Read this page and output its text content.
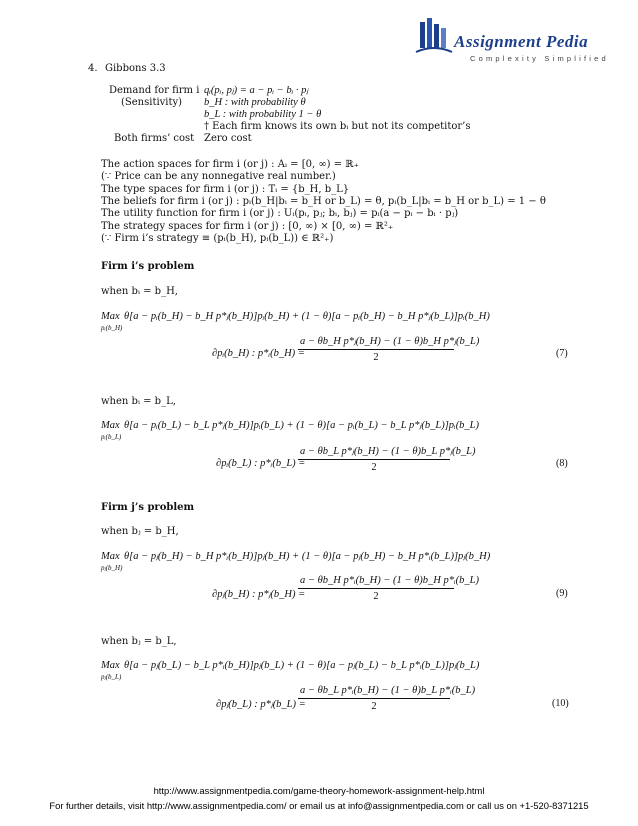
Assignment Pedia
Complexity Simplified
4. Gibbons 3.3
Demand for firm i qᵢ(pᵢ, pⱼ) = a − pᵢ − bᵢ · pⱼ
(Sensitivity) b_H : with probability θ
b_L : with probability 1 − θ
† Each firm knows its own bᵢ but not its competitor’s
Both firms’ cost Zero cost
The action spaces for firm i (or j) : Aᵢ = [0, ∞) = ℝ₊
(∵ Price can be any nonnegative real number.)
The type spaces for firm i (or j) : Tᵢ = {b_H, b_L}
The beliefs for firm i (or j) : pᵢ(b_H|bᵢ = b_H or b_L) = θ, pᵢ(b_L|bᵢ = b_H or b_L) = 1 − θ
The utility function for firm i (or j) : Uᵢ(pᵢ, pⱼ; bᵢ, bⱼ) = pᵢ(a − pᵢ − bᵢ · pⱼ)
The strategy spaces for firm i (or j) : [0, ∞) × [0, ∞) = ℝ²₊
(∵ Firm i’s strategy ≡ (pᵢ(b_H), pᵢ(b_L)) ∈ ℝ²₊)
Firm i’s problem
when bᵢ = b_H,
Max θ[a − pᵢ(b_H) − b_H p*ⱼ(b_H)]pᵢ(b_H) + (1 − θ)[a − pᵢ(b_H) − b_H p*ⱼ(b_L)]pᵢ(b_H)
pᵢ(b_H)
∂pᵢ(b_H) : p*ᵢ(b_H) =
$\frac{\text{a − θb\_H p*ⱼ(b\_H) − (1 − θ)b\_H p*ⱼ(b\_L)}}{2}$	(7)
when bᵢ = b_L,
Max θ[a − pᵢ(b_L) − b_L p*ⱼ(b_H)]pᵢ(b_L) + (1 − θ)[a − pᵢ(b_L) − b_L p*ⱼ(b_L)]pᵢ(b_L)
pᵢ(b_L)
∂pᵢ(b_L) : p*ᵢ(b_L) =
$\frac{\text{a − θb\_L p*ⱼ(b\_H) − (1 − θ)b\_L p*ⱼ(b\_L)}}{2}$	(8)
Firm j’s problem
when bⱼ = b_H,
Max θ[a − pⱼ(b_H) − b_H p*ᵢ(b_H)]pⱼ(b_H) + (1 − θ)[a − pⱼ(b_H) − b_H p*ᵢ(b_L)]pⱼ(b_H)
pⱼ(b_H)
∂pⱼ(b_H) : p*ⱼ(b_H) =
$\frac{\text{a − θb\_H p*ᵢ(b\_H) − (1 − θ)b\_H p*ᵢ(b\_L)}}{2}$	(9)
when bⱼ = b_L,
Max θ[a − pⱼ(b_L) − b_L p*ᵢ(b_H)]pⱼ(b_L) + (1 − θ)[a − pⱼ(b_L) − b_L p*ᵢ(b_L)]pⱼ(b_L)
pⱼ(b_L)
∂pⱼ(b_L) : p*ⱼ(b_L) =
$\frac{\text{a − θb\_L p*ᵢ(b\_H) − (1 − θ)b\_L p*ᵢ(b\_L)}}{2}$	(10)
http://www.assignmentpedia.com/game-theory-homework-assignment-help.html
For further details, visit http://www.assignmentpedia.com/ or email us at info@assignmentpedia.com or call us on +1-520-8371215
